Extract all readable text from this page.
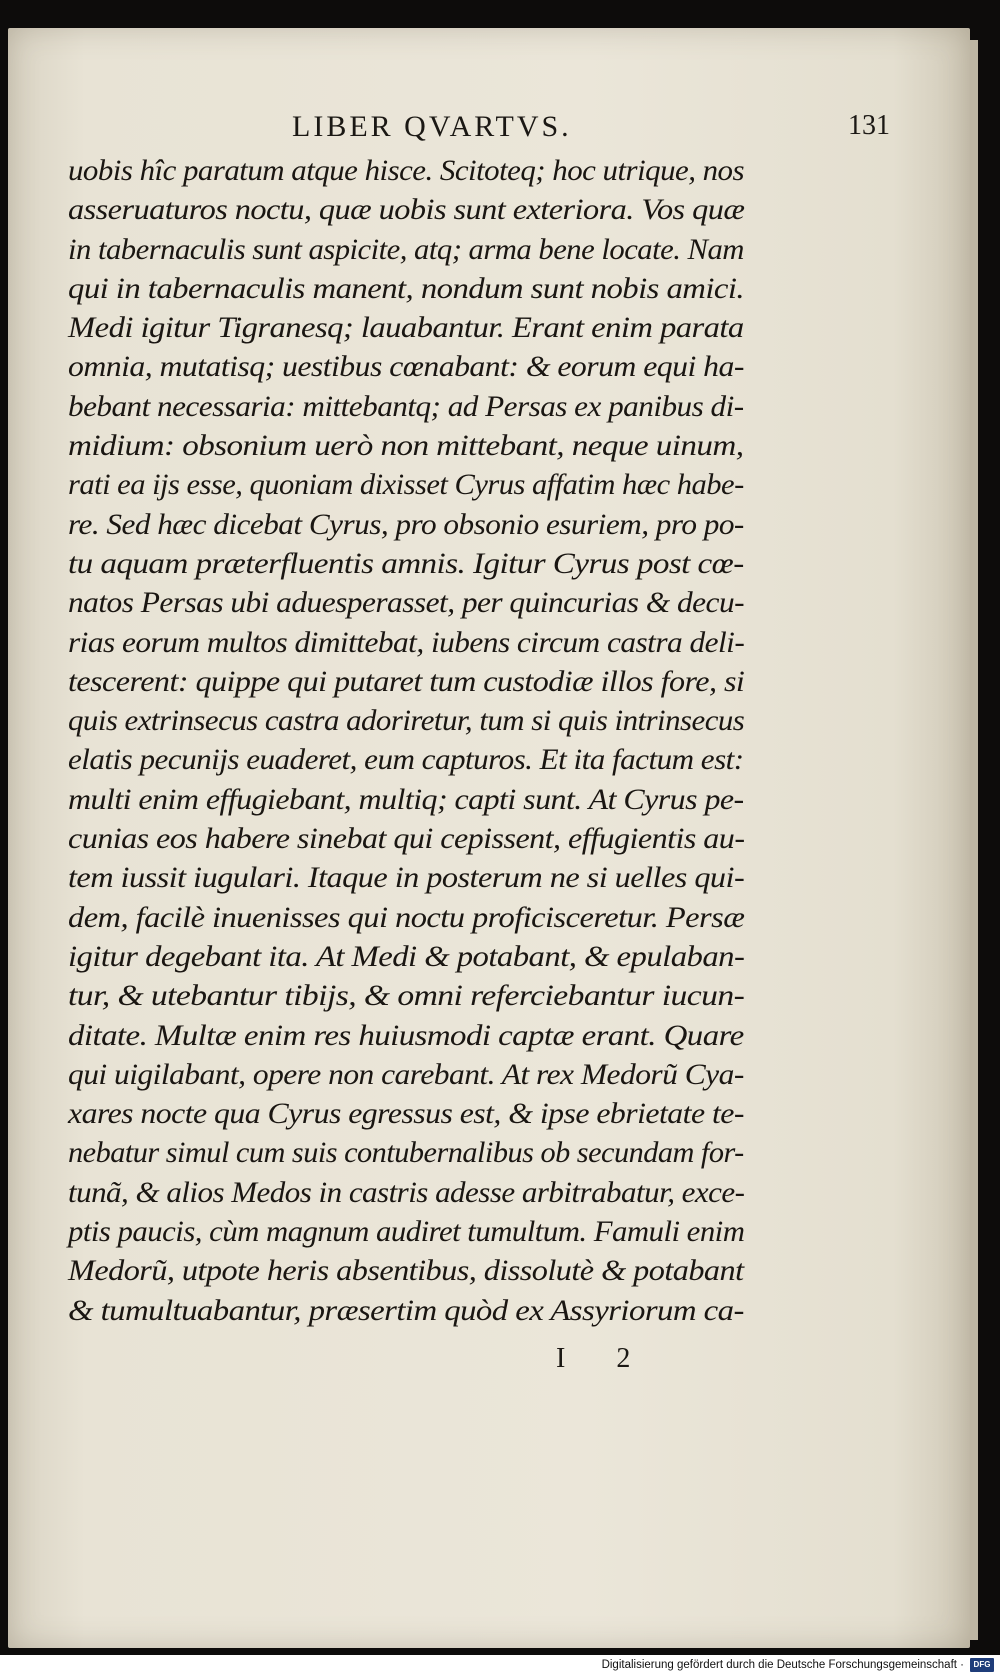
LIBER QVARTVS.	131
uobis hîc paratum atque hisce. Scitoteq; hoc utrique, nos
asseruaturos noctu, quæ uobis sunt exteriora. Vos quæ
in tabernaculis sunt aspicite, atq; arma bene locate. Nam
qui in tabernaculis manent, nondum sunt nobis amici.
Medi igitur Tigranesq; lauabantur. Erant enim parata
omnia, mutatisq; uestibus cœnabant: & eorum equi ha-
bebant necessaria: mittebantq; ad Persas ex panibus di-
midium: obsonium uerò non mittebant, neque uinum,
rati ea ijs esse, quoniam dixisset Cyrus affatim hæc habe-
re. Sed hæc dicebat Cyrus, pro obsonio esuriem, pro po-
tu aquam præterfluentis amnis. Igitur Cyrus post cœ-
natos Persas ubi aduesperasset, per quincurias & decu-
rias eorum multos dimittebat, iubens circum castra deli-
tescerent: quippe qui putaret tum custodiæ illos fore, si
quis extrinsecus castra adoriretur, tum si quis intrinsecus
elatis pecunijs euaderet, eum capturos. Et ita factum est:
multi enim effugiebant, multiq; capti sunt. At Cyrus pe-
cunias eos habere sinebat qui cepissent, effugientis au-
tem iussit iugulari. Itaque in posterum ne si uelles qui-
dem, facilè inuenisses qui noctu proficisceretur. Persæ
igitur degebant ita. At Medi & potabant, & epulaban-
tur, & utebantur tibijs, & omni referciebantur iucun-
ditate. Multæ enim res huiusmodi captæ erant. Quare
qui uigilabant, opere non carebant. At rex Medorũ Cya-
xares nocte qua Cyrus egressus est, & ipse ebrietate te-
nebatur simul cum suis contubernalibus ob secundam for-
tunã, & alios Medos in castris adesse arbitrabatur, exce-
ptis paucis, cùm magnum audiret tumultum. Famuli enim
Medorũ, utpote heris absentibus, dissolutè & potabant
& tumultuabantur, præsertim quòd ex Assyriorum ca-
I 2
Digitalisierung gefördert durch die Deutsche Forschungsgemeinschaft ·	DFG
